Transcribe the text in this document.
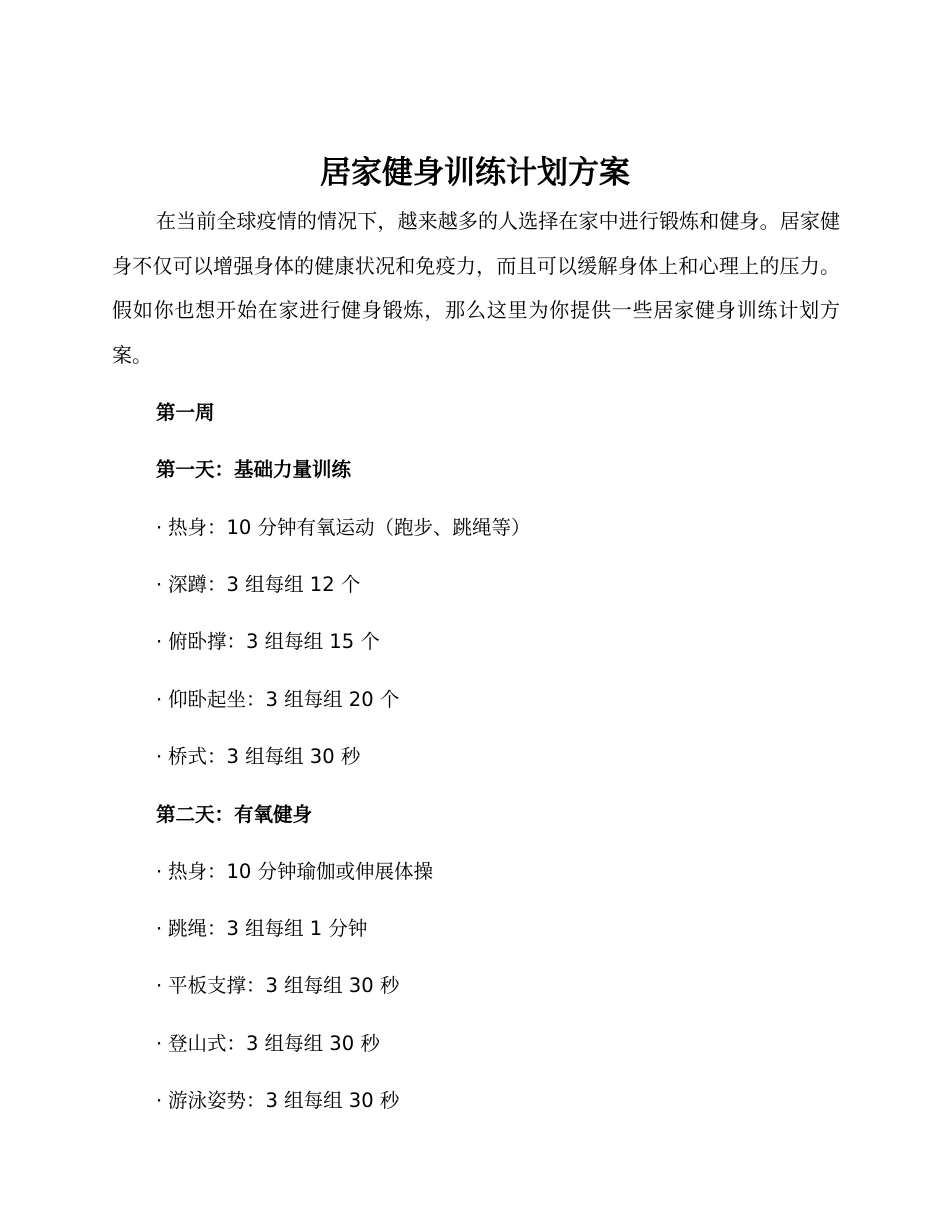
居家健身训练计划方案

在当前全球疫情的情况下，越来越多的人选择在家中进行锻炼和健身。居家健身不仅可以增强身体的健康状况和免疫力，而且可以缓解身体上和心理上的压力。假如你也想开始在家进行健身锻炼，那么这里为你提供一些居家健身训练计划方案。

第一周

第一天：基础力量训练

· 热身：10 分钟有氧运动（跑步、跳绳等）

· 深蹲：3 组每组 12 个

· 俯卧撑：3 组每组 15 个

· 仰卧起坐：3 组每组 20 个

· 桥式：3 组每组 30 秒

第二天：有氧健身

· 热身：10 分钟瑜伽或伸展体操

· 跳绳：3 组每组 1 分钟

· 平板支撑：3 组每组 30 秒

· 登山式：3 组每组 30 秒

· 游泳姿势：3 组每组 30 秒
